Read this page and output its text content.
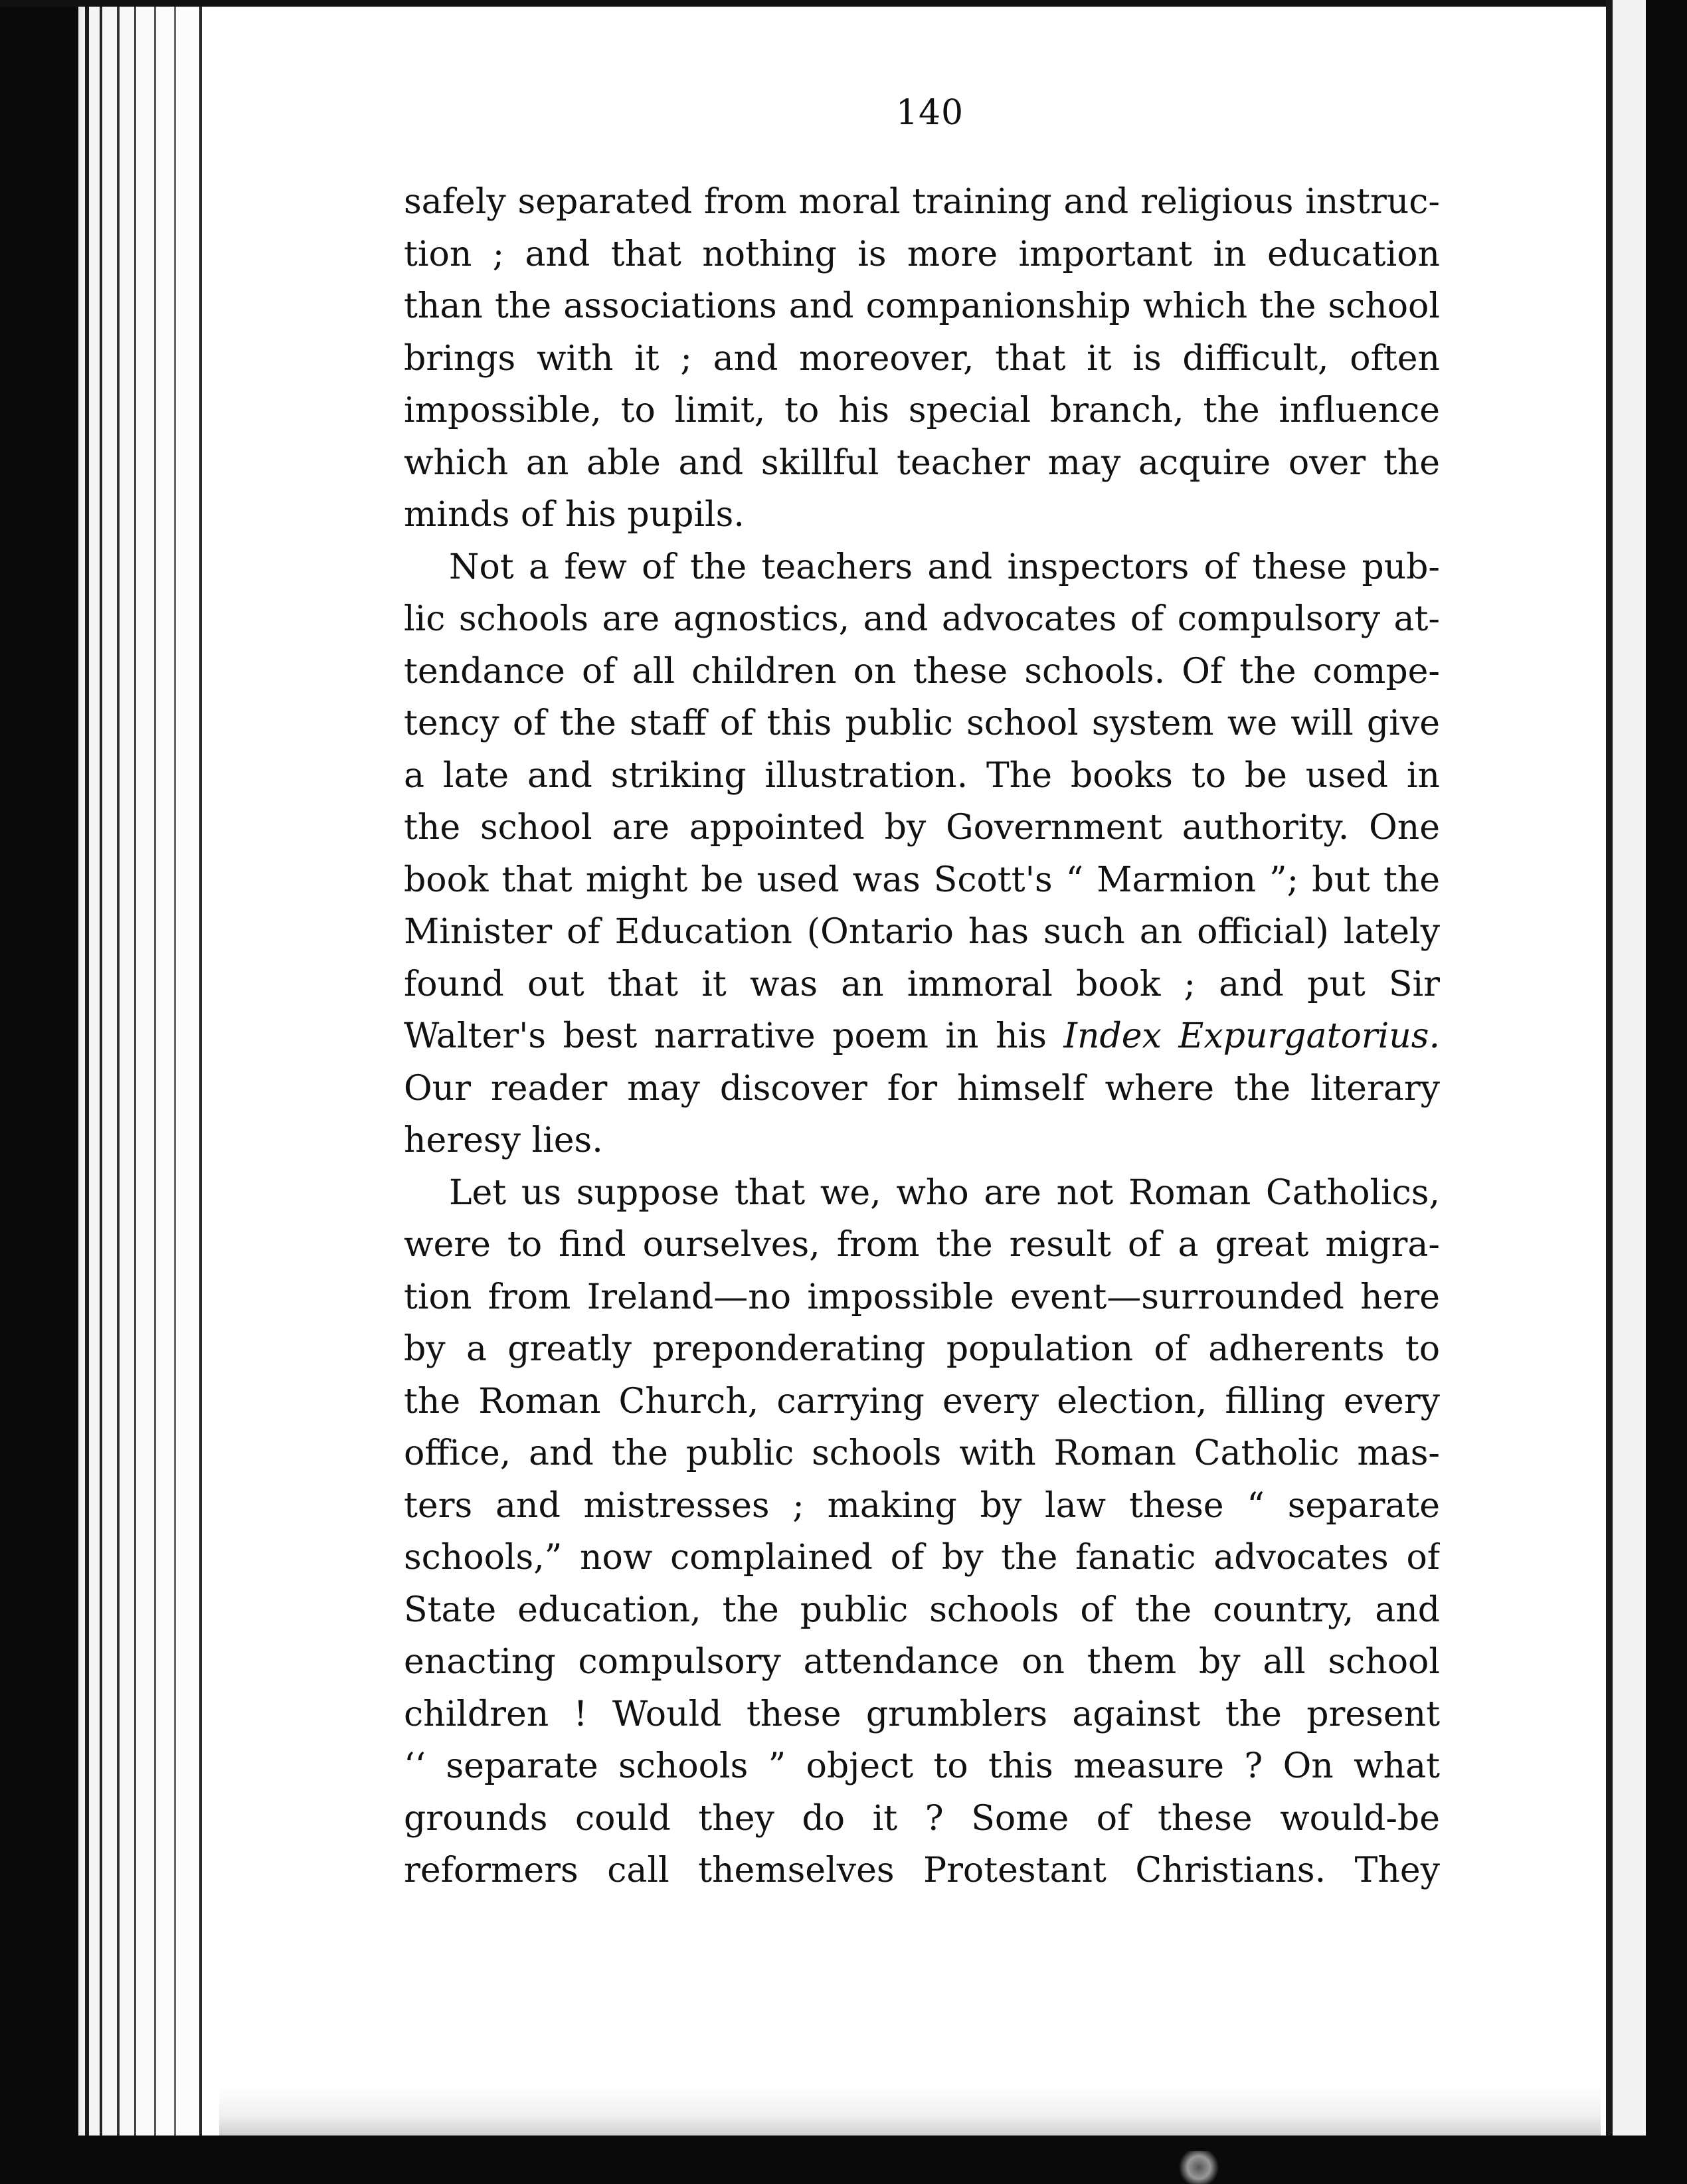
140
safely separated from moral training and religious instruc-
tion ; and that nothing is more important in education
than the associations and companionship which the school
brings with it ; and moreover, that it is difficult, often
impossible, to limit, to his special branch, the influence
which an able and skillful teacher may acquire over the
minds of his pupils.
Not a few of the teachers and inspectors of these pub-
lic schools are agnostics, and advocates of compulsory at-
tendance of all children on these schools. Of the compe-
tency of the staff of this public school system we will give
a late and striking illustration. The books to be used in
the school are appointed by Government authority. One
book that might be used was Scott's “ Marmion ”; but the
Minister of Education (Ontario has such an official) lately
found out that it was an immoral book ; and put Sir
Walter's best narrative poem in his Index Expurgatorius.
Our reader may discover for himself where the literary
heresy lies.
Let us suppose that we, who are not Roman Catholics,
were to find ourselves, from the result of a great migra-
tion from Ireland—no impossible event—surrounded here
by a greatly preponderating population of adherents to
the Roman Church, carrying every election, filling every
office, and the public schools with Roman Catholic mas-
ters and mistresses ; making by law these “ separate
schools,” now complained of by the fanatic advocates of
State education, the public schools of the country, and
enacting compulsory attendance on them by all school
children ! Would these grumblers against the present
‘‘ separate schools ” object to this measure ? On what
grounds could they do it ? Some of these would-be
reformers call themselves Protestant Christians. They
